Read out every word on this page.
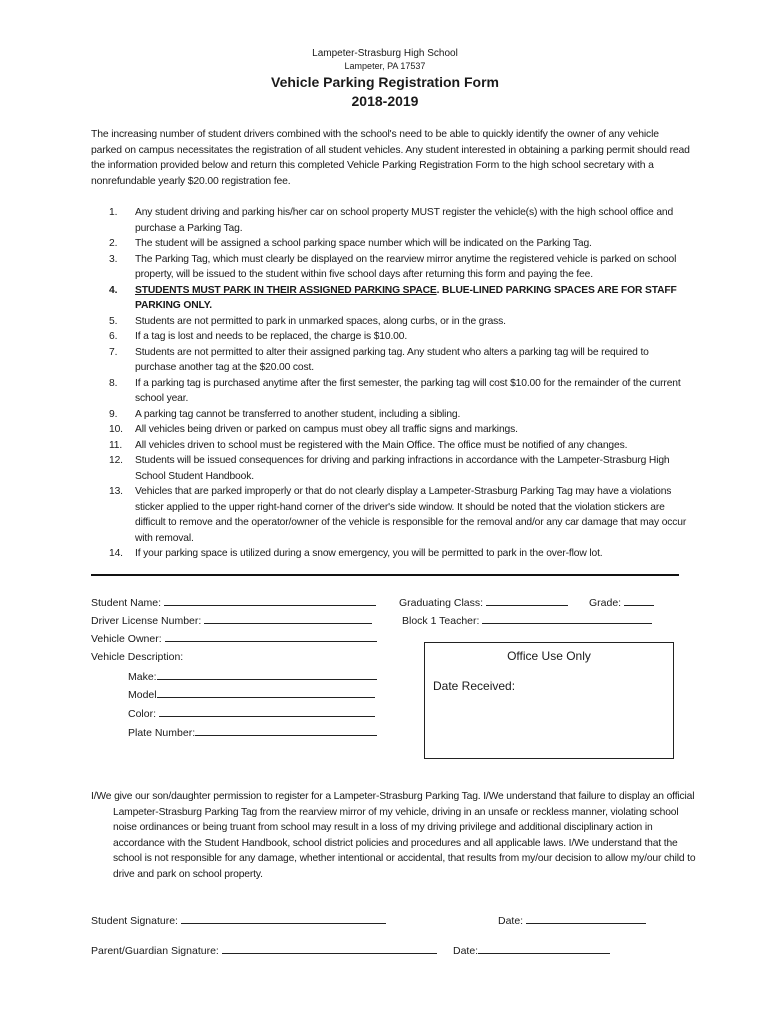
Lampeter-Strasburg High School
Lampeter, PA 17537
Vehicle Parking Registration Form
2018-2019
The increasing number of student drivers combined with the school's need to be able to quickly identify the owner of any vehicle parked on campus necessitates the registration of all student vehicles. Any student interested in obtaining a parking permit should read the information provided below and return this completed Vehicle Parking Registration Form to the high school secretary with a nonrefundable yearly $20.00 registration fee.
1. Any student driving and parking his/her car on school property MUST register the vehicle(s) with the high school office and purchase a Parking Tag.
2. The student will be assigned a school parking space number which will be indicated on the Parking Tag.
3. The Parking Tag, which must clearly be displayed on the rearview mirror anytime the registered vehicle is parked on school property, will be issued to the student within five school days after returning this form and paying the fee.
4. STUDENTS MUST PARK IN THEIR ASSIGNED PARKING SPACE. BLUE-LINED PARKING SPACES ARE FOR STAFF PARKING ONLY.
5. Students are not permitted to park in unmarked spaces, along curbs, or in the grass.
6. If a tag is lost and needs to be replaced, the charge is $10.00.
7. Students are not permitted to alter their assigned parking tag. Any student who alters a parking tag will be required to purchase another tag at the $20.00 cost.
8. If a parking tag is purchased anytime after the first semester, the parking tag will cost $10.00 for the remainder of the current school year.
9. A parking tag cannot be transferred to another student, including a sibling.
10. All vehicles being driven or parked on campus must obey all traffic signs and markings.
11. All vehicles driven to school must be registered with the Main Office. The office must be notified of any changes.
12. Students will be issued consequences for driving and parking infractions in accordance with the Lampeter-Strasburg High School Student Handbook.
13. Vehicles that are parked improperly or that do not clearly display a Lampeter-Strasburg Parking Tag may have a violations sticker applied to the upper right-hand corner of the driver's side window. It should be noted that the violation stickers are difficult to remove and the operator/owner of the vehicle is responsible for the removal and/or any car damage that may occur with removal.
14. If your parking space is utilized during a snow emergency, you will be permitted to park in the over-flow lot.
Student Name:	Graduating Class:	Grade:
Driver License Number:	Block 1 Teacher:
Vehicle Owner:
Vehicle Description:
Make:
Model
Color:
Plate Number:
Office Use Only
Date Received:
I/We give our son/daughter permission to register for a Lampeter-Strasburg Parking Tag. I/We understand that failure to display an official Lampeter-Strasburg Parking Tag from the rearview mirror of my vehicle, driving in an unsafe or reckless manner, violating school noise ordinances or being truant from school may result in a loss of my driving privilege and additional disciplinary action in accordance with the Student Handbook, school district policies and procedures and all applicable laws. I/We understand that the school is not responsible for any damage, whether intentional or accidental, that results from my/our decision to allow my/our child to drive and park on school property.
Student Signature:	Date:
Parent/Guardian Signature:	Date:
